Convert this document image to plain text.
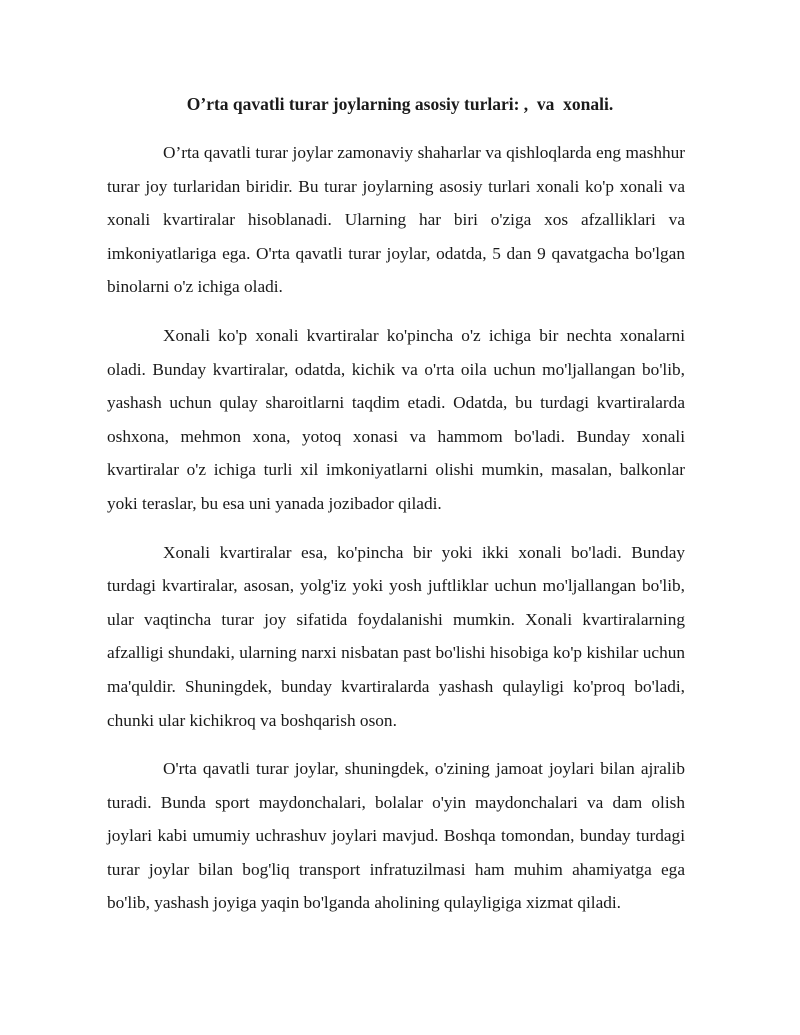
O’rta qavatli turar joylarning asosiy turlari: ,  va  xonali.

O’rta qavatli turar joylar zamonaviy shaharlar va qishloqlarda eng mashhur turar joy turlaridan biridir. Bu turar joylarning asosiy turlari xonali ko'p xonali va xonali kvartiralar hisoblanadi. Ularning har biri o'ziga xos afzalliklari va imkoniyatlariga ega. O'rta qavatli turar joylar, odatda, 5 dan 9 qavatgacha bo'lgan binolarni o'z ichiga oladi.

Xonali ko'p xonali kvartiralar ko'pincha o'z ichiga bir nechta xonalarni oladi. Bunday kvartiralar, odatda, kichik va o'rta oila uchun mo'ljallangan bo'lib, yashash uchun qulay sharoitlarni taqdim etadi. Odatda, bu turdagi kvartiralarda oshxona, mehmon xona, yotoq xonasi va hammom bo'ladi. Bunday xonali kvartiralar o'z ichiga turli xil imkoniyatlarni olishi mumkin, masalan, balkonlar yoki teraslar, bu esa uni yanada jozibador qiladi.

Xonali kvartiralar esa, ko'pincha bir yoki ikki xonali bo'ladi. Bunday turdagi kvartiralar, asosan, yolg'iz yoki yosh juftliklar uchun mo'ljallangan bo'lib, ular vaqtincha turar joy sifatida foydalanishi mumkin. Xonali kvartiralarning afzalligi shundaki, ularning narxi nisbatan past bo'lishi hisobiga ko'p kishilar uchun ma'quldir. Shuningdek, bunday kvartiralarda yashash qulayligi ko'proq bo'ladi, chunki ular kichikroq va boshqarish oson.

O'rta qavatli turar joylar, shuningdek, o'zining jamoat joylari bilan ajralib turadi. Bunda sport maydonchalari, bolalar o'yin maydonchalari va dam olish joylari kabi umumiy uchrashuv joylari mavjud. Boshqa tomondan, bunday turdagi turar joylar bilan bog'liq transport infratuzilmasi ham muhim ahamiyatga ega bo'lib, yashash joyiga yaqin bo'lganda aholining qulayligiga xizmat qiladi.
